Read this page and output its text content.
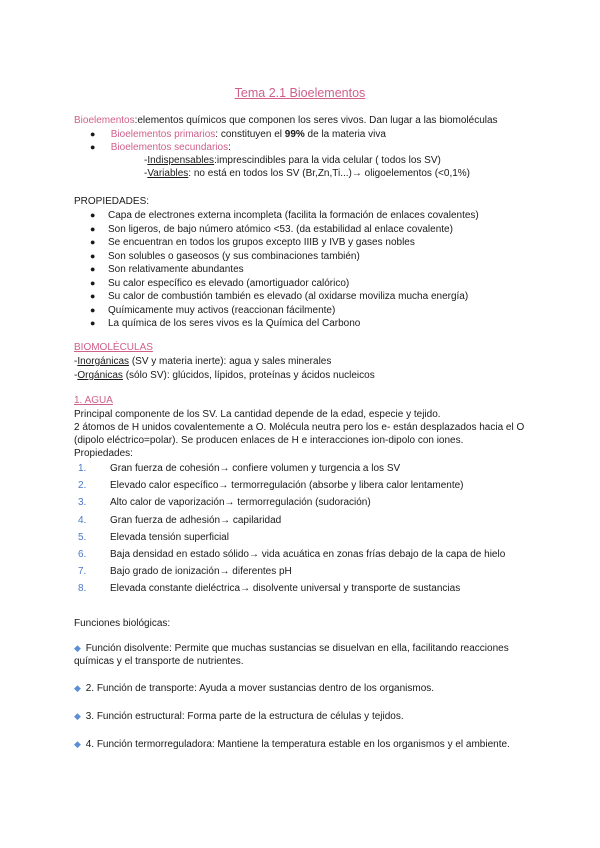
Tema 2.1 Bioelementos
Bioelementos:elementos químicos que componen los seres vivos. Dan lugar a las biomoléculas
● Bioelementos primarios: constituyen el 99% de la materia viva
● Bioelementos secundarios:
-Indispensables:imprescindibles para la vida celular ( todos los SV)
-Variables: no está en todos los SV (Br,Zn,Ti...)→ oligoelementos (<0,1%)
PROPIEDADES:
● Capa de electrones externa incompleta (facilita la formación de enlaces covalentes)
● Son ligeros, de bajo número atómico <53. (da estabilidad al enlace covalente)
● Se encuentran en todos los grupos excepto IIIB y IVB y gases nobles
● Son solubles o gaseosos (y sus combinaciones también)
● Son relativamente abundantes
● Su calor específico es elevado (amortiguador calórico)
● Su calor de combustión también es elevado (al oxidarse moviliza mucha energía)
● Químicamente muy activos (reaccionan fácilmente)
● La química de los seres vivos es la Química del Carbono
BIOMOLÉCULAS
-Inorgánicas (SV y materia inerte): agua y sales minerales
-Orgánicas (sólo SV): glúcidos, lípidos, proteínas y ácidos nucleicos
1. AGUA
Principal componente de los SV. La cantidad depende de la edad, especie y tejido.
2 átomos de H unidos covalentemente a O. Molécula neutra pero los e- están desplazados hacia el O
(dipolo eléctrico=polar). Se producen enlaces de H e interacciones ion-dipolo con iones.
Propiedades:
1. Gran fuerza de cohesión→ confiere volumen y turgencia a los SV
2. Elevado calor específico→ termorregulación (absorbe y libera calor lentamente)
3. Alto calor de vaporización→ termorregulación (sudoración)
4. Gran fuerza de adhesión→ capilaridad
5. Elevada tensión superficial
6. Baja densidad en estado sólido→ vida acuática en zonas frías debajo de la capa de hielo
7. Bajo grado de ionización→ diferentes pH
8. Elevada constante dieléctrica→ disolvente universal y transporte de sustancias
Funciones biológicas:
◆ Función disolvente: Permite que muchas sustancias se disuelvan en ella, facilitando reacciones
químicas y el transporte de nutrientes.
◆ 2. Función de transporte: Ayuda a mover sustancias dentro de los organismos.
◆ 3. Función estructural: Forma parte de la estructura de células y tejidos.
◆ 4. Función termorreguladora: Mantiene la temperatura estable en los organismos y el ambiente.
